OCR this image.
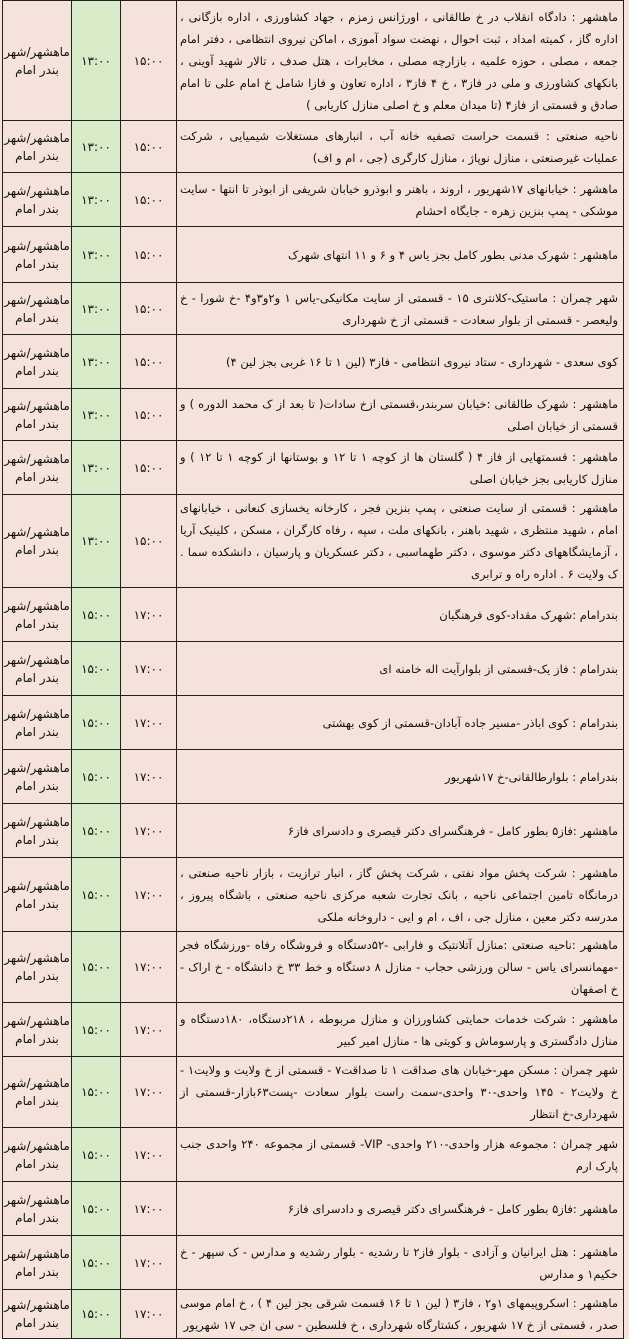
ماهشهر/شهر بندر امام	۱۳:۰۰	۱۵:۰۰	ماهشهر : دادگاه انقلاب در خ طالقانی ، اورژانس زمزم ، جهاد کشاورزی ، اداره بازگانی ، اداره گاز ، کمیته امداد ، ثبت احوال ، نهضت سواد آموزی ، اماکن نیروی انتظامی ، دفتر امام جمعه ، مصلی ، حوزه علمیه ، بازارچه مصلی ، مخابرات ، هتل صدف ، تالار شهید آوینی ، بانکهای کشاورزی و ملی در فاز۳ ، خ ۴ فاز۳ ، اداره تعاون و فازا شامل خ امام علی تا امام صادق و قسمتی از فاز۴ (تا میدان معلم و خ اصلی منازل کاریابی )
ماهشهر/شهر بندر امام	۱۳:۰۰	۱۵:۰۰	ناحیه صنعتی : قسمت حراست تصفیه خانه آب ، انبارهای مستغلات شیمیایی ، شرکت عملیات غیرصنعتی ، منازل نوپاژ ، منازل کارگری (جی ، ام و اف)
ماهشهر/شهر بندر امام	۱۳:۰۰	۱۵:۰۰	ماهشهر : خیابانهای ۱۷شهریور ، اروند ، باهنر و ابوذرو خیابان شریفی از ابوذر تا انتها - سایت موشکی - پمپ بنزین زهره - جایگاه احشام
ماهشهر/شهر بندر امام	۱۳:۰۰	۱۵:۰۰	ماهشهر : شهرک مدنی بطور کامل بجز یاس ۴ و ۶ و ۱۱ انتهای شهرک
ماهشهر/شهر بندر امام	۱۳:۰۰	۱۵:۰۰	شهر چمران : ماستیک-کلانتری ۱۵ - قسمتی از سایت مکانیکی-یاس ۱ و۲و۳و۴ -خ شورا - خ ولیعصر - قسمتی از بلوار سعادت - قسمتی از خ شهرداری
ماهشهر/شهر بندر امام	۱۳:۰۰	۱۵:۰۰	کوی سعدی - شهرداری - ستاد نیروی انتظامی - فاز۳ (لین ۱ تا ۱۶ غربی بجز لین ۴)
ماهشهر/شهر بندر امام	۱۳:۰۰	۱۵:۰۰	ماهشهر : شهرک طالقانی :خیابان سربندر،قسمتی ازخ سادات( تا بعد از ک محمد الدوره ) و قسمتی از خیابان اصلی
ماهشهر/شهر بندر امام	۱۳:۰۰	۱۵:۰۰	ماهشهر : قسمتهایی از فاز ۴ ( گلستان ها از کوچه ۱ تا ۱۲ و بوستانها از کوچه ۱ تا ۱۲ ) و منازل کاریابی بجز خیابان اصلی
ماهشهر/شهر بندر امام	۱۳:۰۰	۱۵:۰۰	ماهشهر : قسمتی از سایت صنعتی ، پمپ بنزین فجر ، کارخانه یخسازی کنعانی ، خیابانهای امام ، شهید منتظری ، شهید باهنر ، بانکهای ملت ، سپه ، رفاه کارگران ، مسکن ، کلینیک آریا ، آزمایشگاههای دکتر موسوی ، دکتر طهماسبی ، دکتر عسکریان و پارسیان ، دانشکده سما . ک ولایت ۶ . اداره راه و ترابری
ماهشهر/شهر بندر امام	۱۵:۰۰	۱۷:۰۰	بندرامام :شهرک مقداد-کوی فرهنگیان
ماهشهر/شهر بندر امام	۱۵:۰۰	۱۷:۰۰	بندرامام : فاز یک-قسمتی از بلوارآیت اله خامنه ای
ماهشهر/شهر بندر امام	۱۵:۰۰	۱۷:۰۰	بندرامام : کوی اباذر -مسیر جاده آبادان-قسمتی از کوی بهشتی
ماهشهر/شهر بندر امام	۱۵:۰۰	۱۷:۰۰	بندرامام : بلوارطالقانی-خ ۱۷شهریور
ماهشهر/شهر بندر امام	۱۵:۰۰	۱۷:۰۰	ماهشهر :فاز۵ بطور کامل - فرهنگسرای دکتر قیصری و دادسرای فاز۶
ماهشهر/شهر بندر امام	۱۵:۰۰	۱۷:۰۰	ماهشهر : شرکت پخش مواد نفتی ، شرکت پخش گاز ، انبار ترازیت ، بازار ناحیه صنعتی ، درمانگاه تامین اجتماعی ناحیه ، بانک تجارت شعبه مرکزی ناحیه صنعتی ، باشگاه پیروز ، مدرسه دکتر معین ، منازل جی ، اف ، ام و ایی - داروخانه ملکی
ماهشهر/شهر بندر امام	۱۵:۰۰	۱۷:۰۰	ماهشهر :ناحیه صنعتی :منازل آتلانتیک و فارابی -۵۲دستگاه و فروشگاه رفاه -ورزشگاه فجر -مهمانسرای یاس - سالن ورزشی حجاب - منازل ۸ دستگاه و خط ۳۳ خ دانشگاه - خ اراک - خ اصفهان
ماهشهر/شهر بندر امام	۱۵:۰۰	۱۷:۰۰	ماهشهر : شرکت خدمات حمایتی کشاورزان و منازل مربوطه ، ۲۱۸دستگاه، ۱۸۰دستگاه و منازل دادگستری و پارسوماش و کویتی ها - منازل امیر کبیر
ماهشهر/شهر بندر امام	۱۵:۰۰	۱۷:۰۰	شهر چمران : مسکن مهر-خیابان های صداقت ۱ تا صداقت۷ - قسمتی از خ ولایت و ولایت۱ - خ ولایت۲ - ۱۴۵ واحدی-۳۰ واحدی-سمت راست بلوار سعادت -پست۶۳بازار-قسمتی از شهرداری-خ انتظار
ماهشهر/شهر بندر امام	۱۵:۰۰	۱۷:۰۰	شهر چمران : مجموعه هزار واحدی-۲۱۰ واحدی- VIP- قسمتی از مجموعه ۲۴۰ واحدی جنب پارک ارم
ماهشهر/شهر بندر امام	۱۵:۰۰	۱۷:۰۰	ماهشهر :فاز۵ بطور کامل - فرهنگسرای دکتر قیصری و دادسرای فاز۶
ماهشهر/شهر بندر امام	۱۵:۰۰	۱۷:۰۰	ماهشهر : هتل ایرانیان و آزادی - بلوار فاز۲ تا رشدیه - بلوار رشدیه و مدارس - ک سپهر - خ حکیم۱ و مدارس
ماهشهر/شهر بندر امام	۱۵:۰۰	۱۷:۰۰	ماهشهر : اسکروپیمهای ۱و۲ ، فاز۳ ( لین ۱ تا ۱۶ قسمت شرقی بجز لین ۴ ) ، خ امام موسی صدر ، قسمتی از خ ۱۷ شهریور ، کشتارگاه شهرداری ، خ فلسطین - سی ان جی ۱۷ شهریور
